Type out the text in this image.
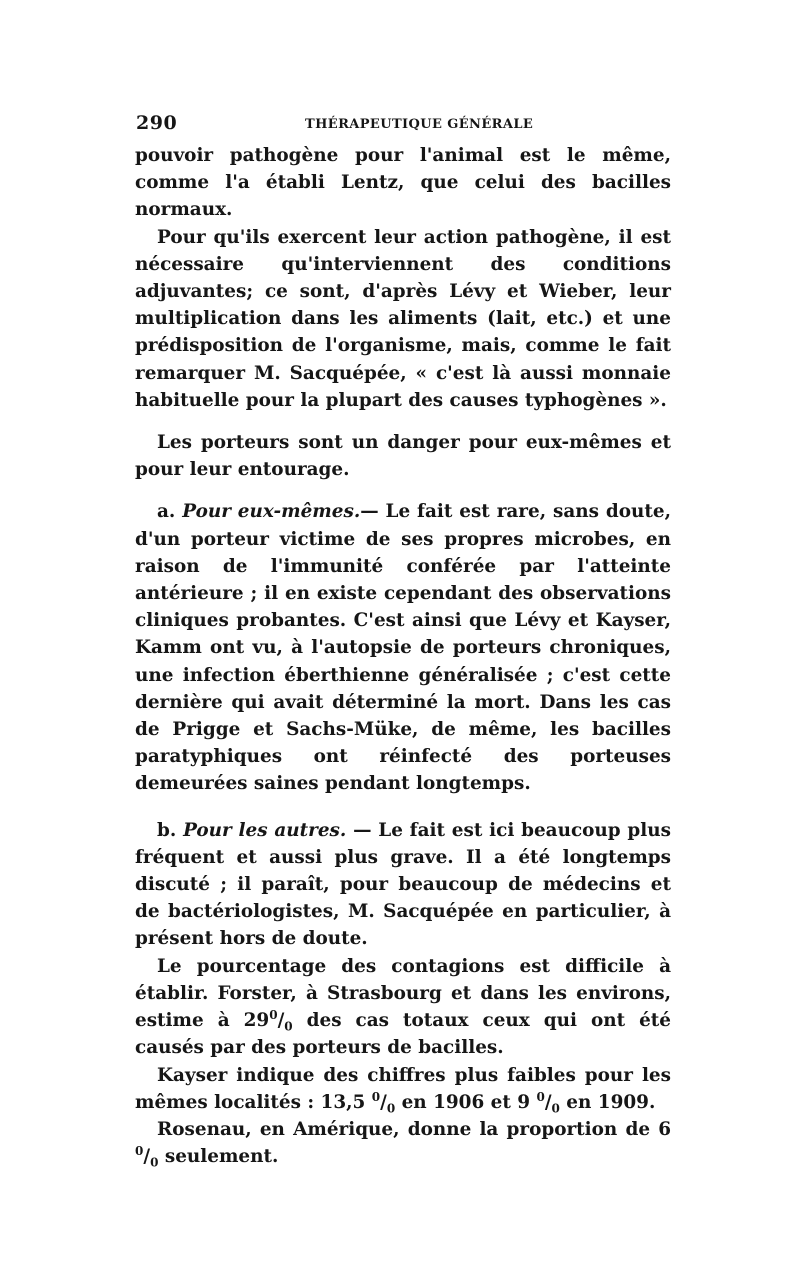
290	THÉRAPEUTIQUE GÉNÉRALE

pouvoir pathogène pour l'animal est le même, comme l'a établi Lentz, que celui des bacilles normaux.

Pour qu'ils exercent leur action pathogène, il est nécessaire qu'interviennent des conditions adjuvantes; ce sont, d'après Lévy et Wieber, leur multiplication dans les aliments (lait, etc.) et une prédisposition de l'organisme, mais, comme le fait remarquer M. Sacquépée, « c'est là aussi monnaie habituelle pour la plupart des causes typhogènes ».

Les porteurs sont un danger pour eux-mêmes et pour leur entourage.

a. Pour eux-mêmes.— Le fait est rare, sans doute, d'un porteur victime de ses propres microbes, en raison de l'immunité conférée par l'atteinte antérieure ; il en existe cependant des observations cliniques probantes. C'est ainsi que Lévy et Kayser, Kamm ont vu, à l'autopsie de porteurs chroniques, une infection éberthienne généralisée ; c'est cette dernière qui avait déterminé la mort. Dans les cas de Prigge et Sachs-Müke, de même, les bacilles paratyphiques ont réinfecté des porteuses demeurées saines pendant longtemps.

b. Pour les autres. — Le fait est ici beaucoup plus fréquent et aussi plus grave. Il a été longtemps discuté ; il paraît, pour beaucoup de médecins et de bactériologistes, M. Sacquépée en particulier, à présent hors de doute.

Le pourcentage des contagions est difficile à établir. Forster, à Strasbourg et dans les environs, estime à $29^0/_0$ des cas totaux ceux qui ont été causés par des porteurs de bacilles.

Kayser indique des chiffres plus faibles pour les mêmes localités : 13,5 $^0/_0$ en 1906 et 9 $^0/_0$ en 1909.

Rosenau, en Amérique, donne la proportion de 6 $^0/_0$ seulement.
